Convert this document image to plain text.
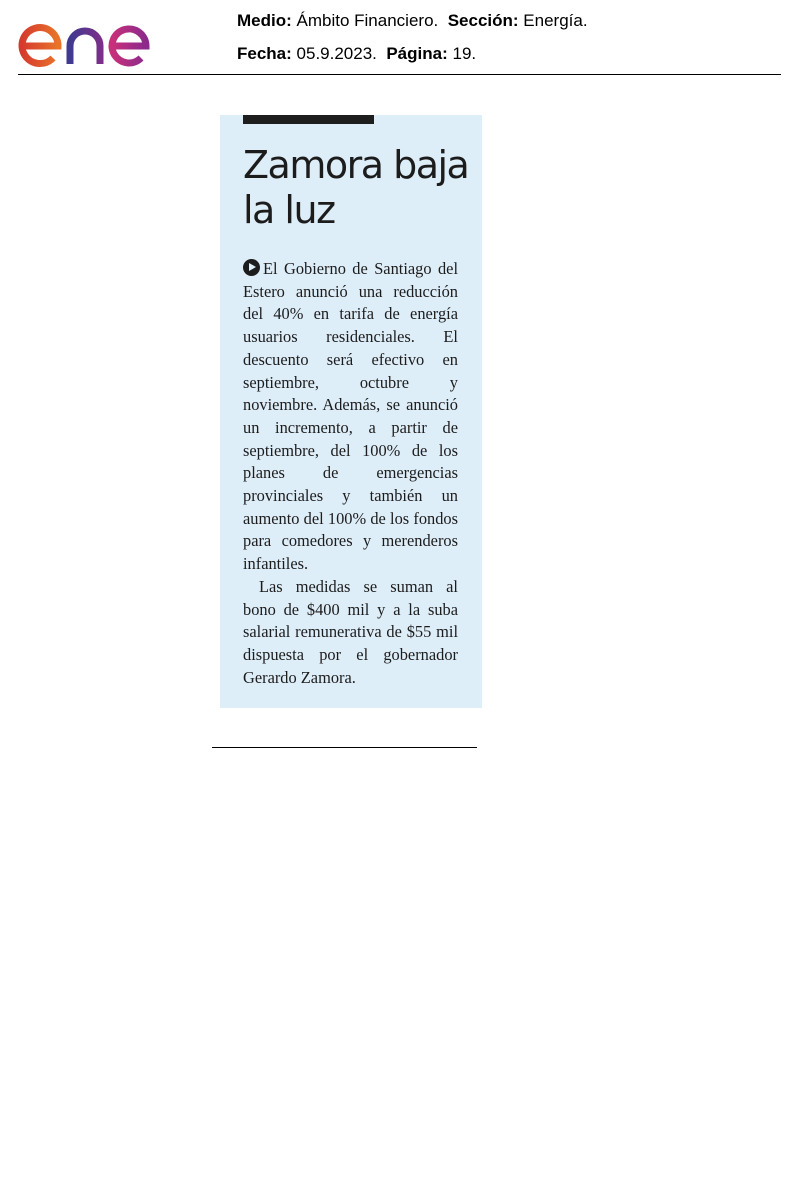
Medio: Ámbito Financiero. Sección: Energía.
Fecha: 05.9.2023. Página: 19.
Zamora baja la luz

El Gobierno de Santiago del Estero anunció una reducción del 40% en tarifa de energía usuarios residenciales. El descuento será efectivo en septiembre, octubre y noviembre. Además, se anunció un incremento, a partir de septiembre, del 100% de los planes de emergencias provinciales y también un aumento del 100% de los fondos para comedores y merenderos infantiles.

Las medidas se suman al bono de $400 mil y a la suba salarial remunerativa de $55 mil dispuesta por el gobernador Gerardo Zamora.
